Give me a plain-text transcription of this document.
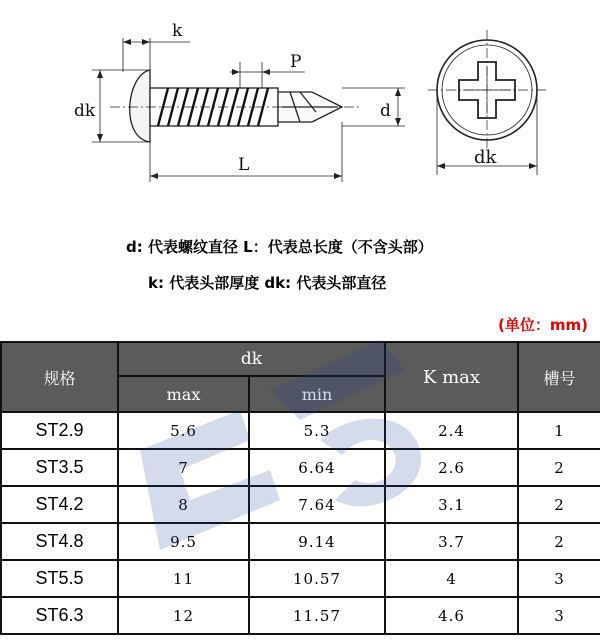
k
P
dk	d
L	dk
d: 代表螺纹直径 L：代表总长度（不含头部）
k: 代表头部厚度 dk: 代表头部直径
(单位：mm)
规格	dk		K max	槽号
	max	min		
ST2.9	5.6	5.3	2.4	1
ST3.5	7	6.64	2.6	2
ST4.2	8	7.64	3.1	2
ST4.8	9.5	9.14	3.7	2
ST5.5	11	10.57	4	3
ST6.3	12	11.57	4.6	3
